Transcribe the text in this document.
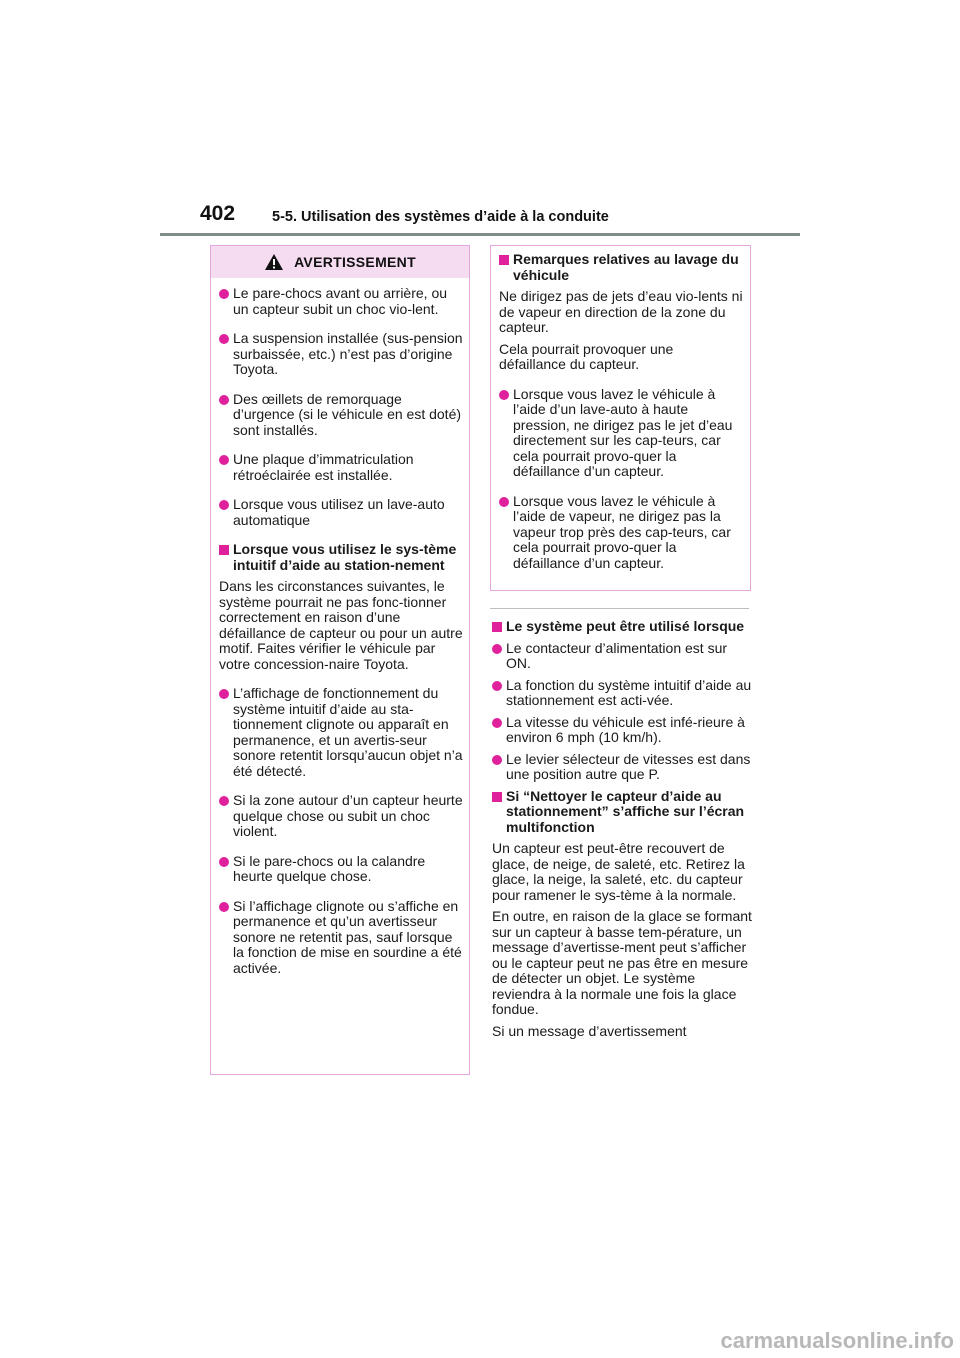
402	5-5. Utilisation des systèmes d’aide à la conduite
AVERTISSEMENT
Le pare-chocs avant ou arrière, ou un capteur subit un choc vio-lent.
La suspension installée (sus-pension surbaissée, etc.) n’est pas d’origine Toyota.
Des œillets de remorquage d’urgence (si le véhicule en est doté) sont installés.
Une plaque d’immatriculation rétroéclairée est installée.
Lorsque vous utilisez un lave-auto automatique
Lorsque vous utilisez le sys-tème intuitif d’aide au station-nement
Dans les circonstances suivantes, le système pourrait ne pas fonc-tionner correctement en raison d’une défaillance de capteur ou pour un autre motif. Faites vérifier le véhicule par votre concession-naire Toyota.
L’affichage de fonctionnement du système intuitif d’aide au sta-tionnement clignote ou apparaît en permanence, et un avertis-seur sonore retentit lorsqu’aucun objet n’a été détecté.
Si la zone autour d’un capteur heurte quelque chose ou subit un choc violent.
Si le pare-chocs ou la calandre heurte quelque chose.
Si l’affichage clignote ou s’affiche en permanence et qu’un avertisseur sonore ne retentit pas, sauf lorsque la fonction de mise en sourdine a été activée.
Remarques relatives au lavage du véhicule
Ne dirigez pas de jets d’eau vio-lents ni de vapeur en direction de la zone du capteur.
Cela pourrait provoquer une défaillance du capteur.
Lorsque vous lavez le véhicule à l’aide d’un lave-auto à haute pression, ne dirigez pas le jet d’eau directement sur les cap-teurs, car cela pourrait provo-quer la défaillance d’un capteur.
Lorsque vous lavez le véhicule à l’aide de vapeur, ne dirigez pas la vapeur trop près des cap-teurs, car cela pourrait provo-quer la défaillance d’un capteur.
Le système peut être utilisé lorsque
Le contacteur d’alimentation est sur ON.
La fonction du système intuitif d’aide au stationnement est acti-vée.
La vitesse du véhicule est infé-rieure à environ 6 mph (10 km/h).
Le levier sélecteur de vitesses est dans une position autre que P.
Si “Nettoyer le capteur d’aide au stationnement” s’affiche sur l’écran multifonction
Un capteur est peut-être recouvert de glace, de neige, de saleté, etc. Retirez la glace, la neige, la saleté, etc. du capteur pour ramener le sys-tème à la normale.
En outre, en raison de la glace se formant sur un capteur à basse tem-pérature, un message d’avertisse-ment peut s’afficher ou le capteur peut ne pas être en mesure de détecter un objet. Le système reviendra à la normale une fois la glace fondue.
Si un message d’avertissement
carmanualsonline.info
